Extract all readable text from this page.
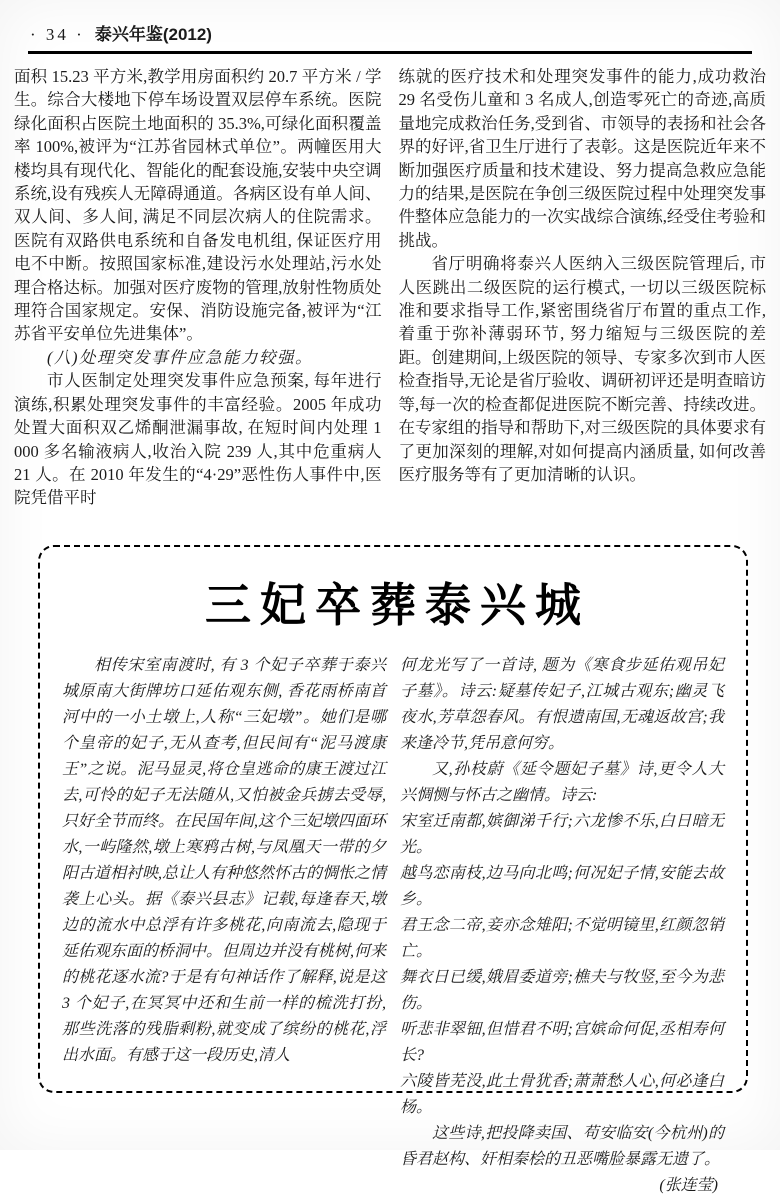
· 34 · 泰兴年鉴(2012)

面积 15.23 平方米,教学用房面积约 20.7 平方米 / 学生。综合大楼地下停车场设置双层停车系统。医院绿化面积占医院土地面积的 35.3%,可绿化面积覆盖率 100%,被评为“江苏省园林式单位”。两幢医用大楼均具有现代化、智能化的配套设施,安装中央空调系统,设有残疾人无障碍通道。各病区设有单人间、双人间、多人间, 满足不同层次病人的住院需求。医院有双路供电系统和自备发电机组, 保证医疗用电不中断。按照国家标准,建设污水处理站,污水处理合格达标。加强对医疗废物的管理,放射性物质处理符合国家规定。安保、消防设施完备,被评为“江苏省平安单位先进集体”。

(八)处理突发事件应急能力较强。

市人医制定处理突发事件应急预案, 每年进行演练,积累处理突发事件的丰富经验。2005 年成功处置大面积双乙烯酮泄漏事故, 在短时间内处理 1 000 多名输液病人,收治入院 239 人,其中危重病人 21 人。在 2010 年发生的“4·29”恶性伤人事件中,医院凭借平时

练就的医疗技术和处理突发事件的能力,成功救治 29 名受伤儿童和 3 名成人,创造零死亡的奇迹,高质量地完成救治任务,受到省、市领导的表扬和社会各界的好评,省卫生厅进行了表彰。这是医院近年来不断加强医疗质量和技术建设、努力提高急救应急能力的结果,是医院在争创三级医院过程中处理突发事件整体应急能力的一次实战综合演练,经受住考验和挑战。

省厅明确将泰兴人医纳入三级医院管理后, 市人医跳出二级医院的运行模式, 一切以三级医院标准和要求指导工作,紧密围绕省厅布置的重点工作,着重于弥补薄弱环节, 努力缩短与三级医院的差距。创建期间,上级医院的领导、专家多次到市人医检查指导,无论是省厅验收、调研初评还是明查暗访等,每一次的检查都促进医院不断完善、持续改进。在专家组的指导和帮助下,对三级医院的具体要求有了更加深刻的理解,对如何提高内涵质量, 如何改善医疗服务等有了更加清晰的认识。

三妃卒葬泰兴城

相传宋室南渡时, 有 3 个妃子卒葬于泰兴城原南大街牌坊口延佑观东侧, 香花雨桥南首河中的一小土墩上,人称“三妃墩”。她们是哪个皇帝的妃子,无从查考,但民间有“泥马渡康王”之说。泥马显灵,将仓皇逃命的康王渡过江去,可怜的妃子无法随从,又怕被金兵掳去受辱,只好全节而终。在民国年间,这个三妃墩四面环水,一屿隆然,墩上寒鸦古树,与凤凰天一带的夕阳古道相衬映,总让人有种悠然怀古的惆怅之情袭上心头。据《泰兴县志》记载,每逢春天,墩边的流水中总浮有许多桃花,向南流去,隐现于延佑观东面的桥洞中。但周边并没有桃树,何来的桃花逐水流?于是有句神话作了解释,说是这 3 个妃子,在冥冥中还和生前一样的梳洗打扮, 那些洗落的残脂剩粉,就变成了缤纷的桃花,浮出水面。有感于这一段历史,清人

何龙光写了一首诗, 题为《寒食步延佑观吊妃子墓》。诗云:疑墓传妃子,江城古观东;幽灵飞夜水,芳草怨春风。有恨遗南国,无魂返故宫;我来逢冷节,凭吊意何穷。

又,孙枝蔚《延令题妃子墓》诗,更令人大兴惆恻与怀古之幽情。诗云:

宋室迁南都,嫔御涕千行;六龙惨不乐,白日暗无光。

越鸟恋南枝,边马向北鸣;何况妃子情,安能去故乡。

君王念二帝,妾亦念雉阳;不觉明镜里,红颜忽销亡。

舞衣日已缓,娥眉委道旁;樵夫与牧竖,至今为悲伤。

听悲非翠钿,但惜君不明;宫嫔命何促,丞相寿何长?

六陵皆芜没,此土骨犹香;萧萧愁人心,何必逢白杨。

这些诗,把投降卖国、苟安临安(今杭州)的昏君赵构、奸相秦桧的丑恶嘴脸暴露无遗了。

(张连莹)
